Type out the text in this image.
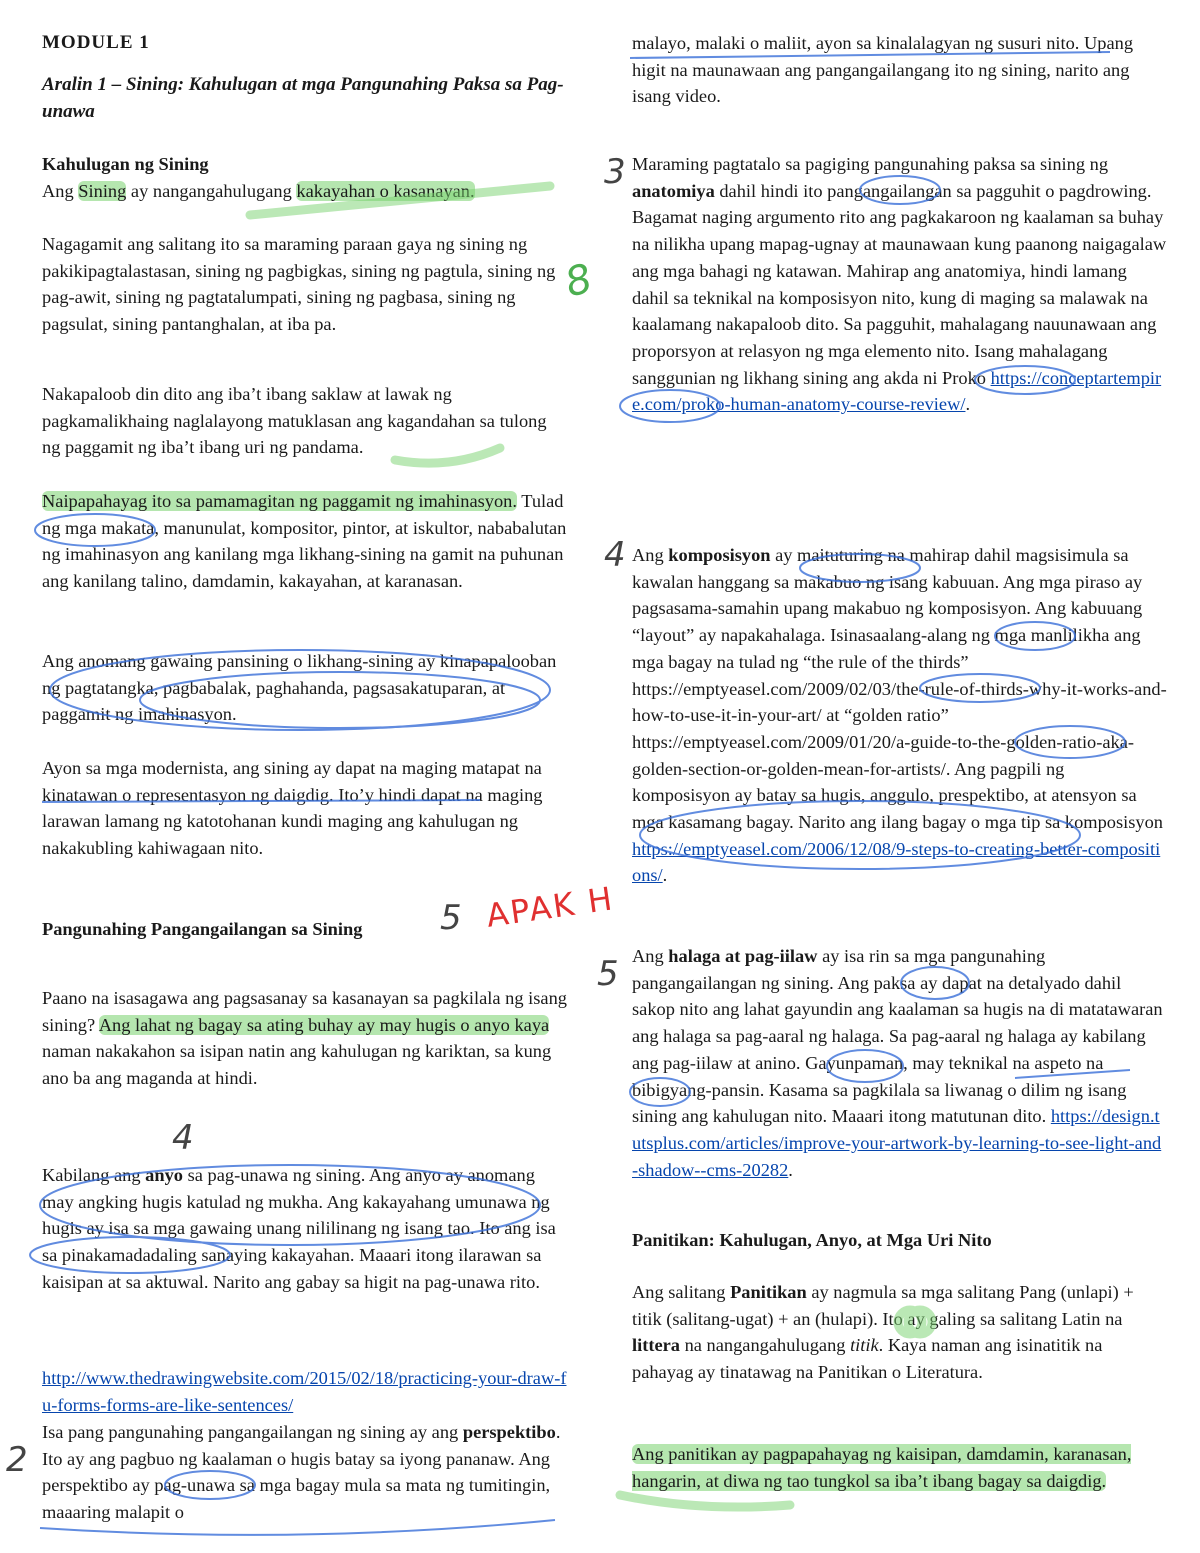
MODULE 1
Aralin 1 – Sining: Kahulugan at mga Pangunahing Paksa sa Pag-unawa
Kahulugan ng Sining
Ang Sining ay nangangahulugang kakayahan o kasanayan.
Nagagamit ang salitang ito sa maraming paraan gaya ng sining ng pakikipagtalastasan, sining ng pagbigkas, sining ng pagtula, sining ng pag-awit, sining ng pagtatalumpati, sining ng pagbasa, sining ng pagsulat, sining pantanghalan, at iba pa.
Nakapaloob din dito ang iba’t ibang saklaw at lawak ng pagkamalikhaing naglalayong matuklasan ang kagandahan sa tulong ng paggamit ng iba’t ibang uri ng pandama.
Naipapahayag ito sa pamamagitan ng paggamit ng imahinasyon. Tulad ng mga makata, manunulat, kompositor, pintor, at iskultor, nababalutan ng imahinasyon ang kanilang mga likhang-sining na gamit na puhunan ang kanilang talino, damdamin, kakayahan, at karanasan.
Ang anomang gawaing pansining o likhang-sining ay kinapapalooban ng pagtatangka, pagbabalak, paghahanda, pagsasakatuparan, at paggamit ng imahinasyon.
Ayon sa mga modernista, ang sining ay dapat na maging matapat na kinatawan o representasyon ng daigdig. Ito’y hindi dapat na maging larawan lamang ng katotohanan kundi maging ang kahulugan ng nakakubling kahiwagaan nito.
Pangunahing Pangangailangan sa Sining
Paano na isasagawa ang pagsasanay sa kasanayan sa pagkilala ng isang sining? Ang lahat ng bagay sa ating buhay ay may hugis o anyo kaya naman nakakahon sa isipan natin ang kahulugan ng kariktan, sa kung ano ba ang maganda at hindi.
Kabilang ang anyo sa pag-unawa ng sining. Ang anyo ay anomang may angking hugis katulad ng mukha. Ang kakayahang umunawa ng hugis ay isa sa mga gawaing unang nililinang ng isang tao. Ito ang isa sa pinakamadadaling sanaying kakayahan. Maaari itong ilarawan sa kaisipan at sa aktuwal. Narito ang gabay sa higit na pag-unawa rito.
http://www.thedrawingwebsite.com/2015/02/18/practicing-your-draw-fu-forms-forms-are-like-sentences/
Isa pang pangunahing pangangailangan ng sining ay ang perspektibo. Ito ay ang pagbuo ng kaalaman o hugis batay sa iyong pananaw. Ang perspektibo ay pag-unawa sa mga bagay mula sa mata ng tumitingin, maaaring malapit o
malayo, malaki o maliit, ayon sa kinalalagyan ng susuri nito. Upang higit na maunawaan ang pangangailangang ito ng sining, narito ang isang video.
Maraming pagtatalo sa pagiging pangunahing paksa sa sining ng anatomiya dahil hindi ito pangangailangan sa pagguhit o pagdrowing. Bagamat naging argumento rito ang pagkakaroon ng kaalaman sa buhay na nilikha upang mapag-ugnay at maunawaan kung paanong naigagalaw ang mga bahagi ng katawan. Mahirap ang anatomiya, hindi lamang dahil sa teknikal na komposisyon nito, kung di maging sa malawak na kaalamang nakapaloob dito. Sa pagguhit, mahalagang nauunawaan ang proporsyon at relasyon ng mga elemento nito. Isang mahalagang sanggunian ng likhang sining ang akda ni Proko https://conceptartempire.com/proko-human-anatomy-course-review/.
Ang komposisyon ay maituturing na mahirap dahil magsisimula sa kawalan hanggang sa makabuo ng isang kabuuan. Ang mga piraso ay pagsasama-samahin upang makabuo ng komposisyon. Ang kabuuang “layout” ay napakahalaga. Isinasaalang-alang ng mga manlilikha ang mga bagay na tulad ng “the rule of the thirds” https://emptyeasel.com/2009/02/03/the-rule-of-thirds-why-it-works-and-how-to-use-it-in-your-art/ at “golden ratio” https://emptyeasel.com/2009/01/20/a-guide-to-the-golden-ratio-aka-golden-section-or-golden-mean-for-artists/. Ang pagpili ng komposisyon ay batay sa hugis, anggulo, prespektibo, at atensyon sa mga kasamang bagay. Narito ang ilang bagay o mga tip sa komposisyon https://emptyeasel.com/2006/12/08/9-steps-to-creating-better-compositions/.
Ang halaga at pag-iilaw ay isa rin sa mga pangunahing pangangailangan ng sining. Ang paksa ay dapat na detalyado dahil sakop nito ang lahat gayundin ang kaalaman sa hugis na di matatawaran ang halaga sa pag-aaral ng halaga. Sa pag-aaral ng halaga ay kabilang ang pag-iilaw at anino. Gayunpaman, may teknikal na aspeto na bibigyang-pansin. Kasama sa pagkilala sa liwanag o dilim ng isang sining ang kahulugan nito. Maaari itong matutunan dito. https://design.tutsplus.com/articles/improve-your-artwork-by-learning-to-see-light-and-shadow--cms-20282.
Panitikan: Kahulugan, Anyo, at Mga Uri Nito
Ang salitang Panitikan ay nagmula sa mga salitang Pang (unlapi) + titik (salitang-ugat) + an (hulapi). Ito ay galing sa salitang Latin na littera na nangangahulugang titik. Kaya naman ang isinatitik na pahayag ay tinatawag na Panitikan o Literatura.
Ang panitikan ay pagpapahayag ng kaisipan, damdamin, karanasan, hangarin, at diwa ng tao tungkol sa iba’t ibang bagay sa daigdig.
8
5 APAK H
4
2
3
4
5
